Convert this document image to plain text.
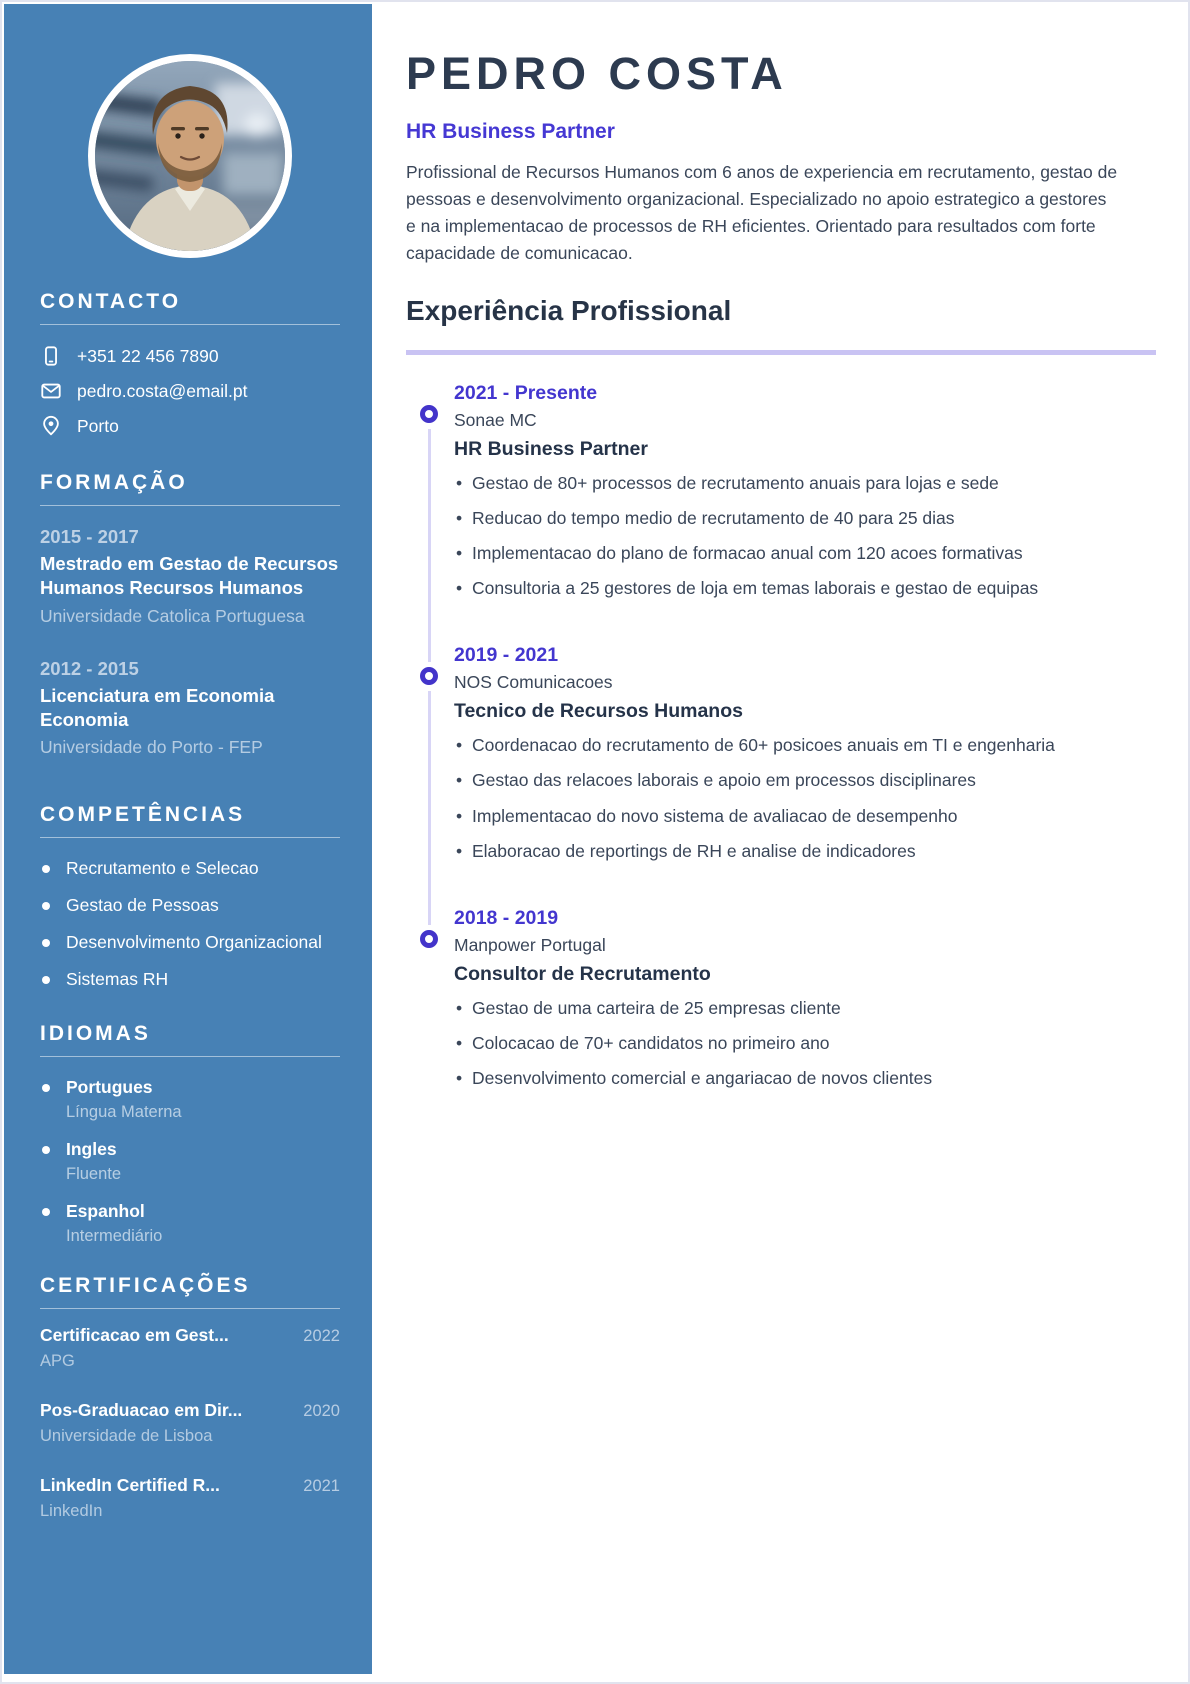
CONTACTO
+351 22 456 7890
pedro.costa@email.pt
Porto
FORMAÇÃO
2015 - 2017
Mestrado em Gestao de Recursos Humanos Recursos Humanos
Universidade Catolica Portuguesa
2012 - 2015
Licenciatura em Economia Economia
Universidade do Porto - FEP
COMPETÊNCIAS
Recrutamento e Selecao
Gestao de Pessoas
Desenvolvimento Organizacional
Sistemas RH
IDIOMAS
Portugues
Língua Materna
Ingles
Fluente
Espanhol
Intermediário
CERTIFICAÇÕES
Certificacao em Gest...	2022
APG
Pos-Graduacao em Dir...	2020
Universidade de Lisboa
LinkedIn Certified R...	2021
LinkedIn
PEDRO COSTA
HR Business Partner

Profissional de Recursos Humanos com 6 anos de experiencia em recrutamento, gestao de pessoas e desenvolvimento organizacional. Especializado no apoio estrategico a gestores e na implementacao de processos de RH eficientes. Orientado para resultados com forte capacidade de comunicacao.

Experiência Profissional
2021 - Presente
Sonae MC
HR Business Partner
• Gestao de 80+ processos de recrutamento anuais para lojas e sede
• Reducao do tempo medio de recrutamento de 40 para 25 dias
• Implementacao do plano de formacao anual com 120 acoes formativas
• Consultoria a 25 gestores de loja em temas laborais e gestao de equipas
2019 - 2021
NOS Comunicacoes
Tecnico de Recursos Humanos
• Coordenacao do recrutamento de 60+ posicoes anuais em TI e engenharia
• Gestao das relacoes laborais e apoio em processos disciplinares
• Implementacao do novo sistema de avaliacao de desempenho
• Elaboracao de reportings de RH e analise de indicadores
2018 - 2019
Manpower Portugal
Consultor de Recrutamento
• Gestao de uma carteira de 25 empresas cliente
• Colocacao de 70+ candidatos no primeiro ano
• Desenvolvimento comercial e angariacao de novos clientes
